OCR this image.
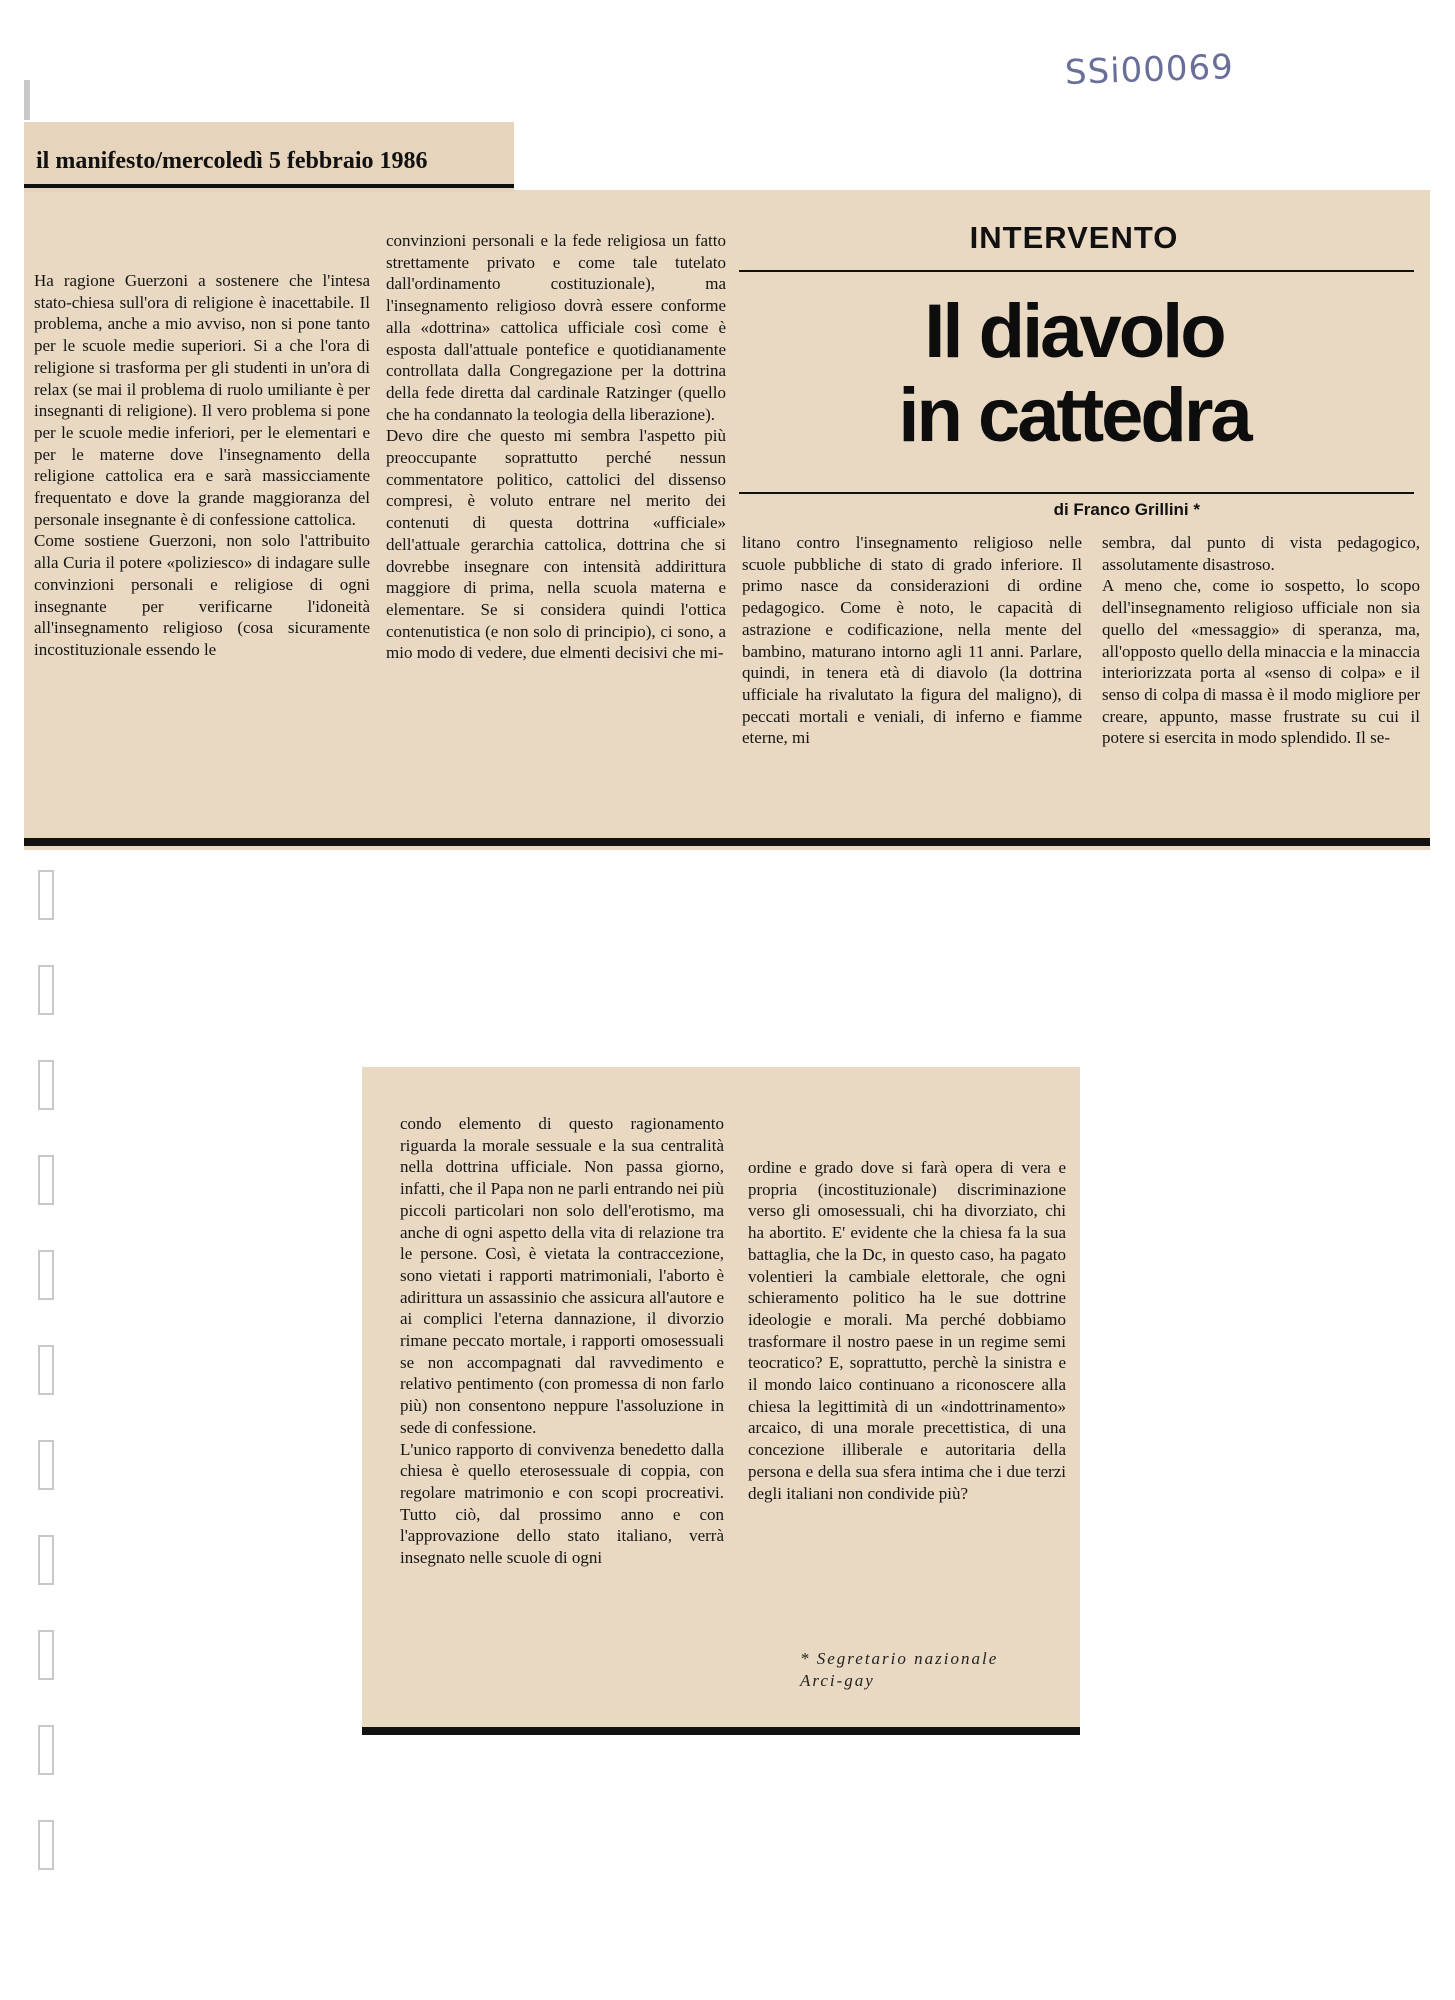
SSi00069
il manifesto/mercoledì 5 febbraio 1986
Ha ragione Guerzoni a sostenere che l'intesa stato-chiesa sull'ora di religione è inacettabile. Il problema, anche a mio avviso, non si pone tanto per le scuole medie superiori. Si a che l'ora di religione si trasforma per gli studenti in un'ora di relax (se mai il problema di ruolo umiliante è per insegnanti di religione). Il vero problema si pone per le scuole medie inferiori, per le elementari e per le materne dove l'insegnamento della religione cattolica era e sarà massicciamente frequentato e dove la grande maggioranza del personale insegnante è di confessione cattolica.
Come sostiene Guerzoni, non solo l'attribuito alla Curia il potere «poliziesco» di indagare sulle convinzioni personali e religiose di ogni insegnante per verificarne l'idoneità all'insegnamento religioso (cosa sicuramente incostituzionale essendo le
convinzioni personali e la fede religiosa un fatto strettamente privato e come tale tutelato dall'ordinamento costituzionale), ma l'insegnamento religioso dovrà essere conforme alla «dottrina» cattolica ufficiale così come è esposta dall'attuale pontefice e quotidianamente controllata dalla Congregazione per la dottrina della fede diretta dal cardinale Ratzinger (quello che ha condannato la teologia della liberazione).
Devo dire che questo mi sembra l'aspetto più preoccupante soprattutto perché nessun commentatore politico, cattolici del dissenso compresi, è voluto entrare nel merito dei contenuti di questa dottrina «ufficiale» dell'attuale gerarchia cattolica, dottrina che si dovrebbe insegnare con intensità addirittura maggiore di prima, nella scuola materna e elementare. Se si considera quindi l'ottica contenutistica (e non solo di principio), ci sono, a mio modo di vedere, due elmenti decisivi che mi-
INTERVENTO
Il diavolo
in cattedra
di Franco Grillini *
litano contro l'insegnamento religioso nelle scuole pubbliche di stato di grado inferiore. Il primo nasce da considerazioni di ordine pedagogico. Come è noto, le capacità di astrazione e codificazione, nella mente del bambino, maturano intorno agli 11 anni. Parlare, quindi, in tenera età di diavolo (la dottrina ufficiale ha rivalutato la figura del maligno), di peccati mortali e veniali, di inferno e fiamme eterne, mi
sembra, dal punto di vista pedagogico, assolutamente disastroso.
A meno che, come io sospetto, lo scopo dell'insegnamento religioso ufficiale non sia quello del «messaggio» di speranza, ma, all'opposto quello della minaccia e la minaccia interiorizzata porta al «senso di colpa» e il senso di colpa di massa è il modo migliore per creare, appunto, masse frustrate su cui il potere si esercita in modo splendido. Il se-
condo elemento di questo ragionamento riguarda la morale sessuale e la sua centralità nella dottrina ufficiale. Non passa giorno, infatti, che il Papa non ne parli entrando nei più piccoli particolari non solo dell'erotismo, ma anche di ogni aspetto della vita di relazione tra le persone. Così, è vietata la contraccezione, sono vietati i rapporti matrimoniali, l'aborto è adirittura un assassinio che assicura all'autore e ai complici l'eterna dannazione, il divorzio rimane peccato mortale, i rapporti omosessuali se non accompagnati dal ravvedimento e relativo pentimento (con promessa di non farlo più) non consentono neppure l'assoluzione in sede di confessione.
L'unico rapporto di convivenza benedetto dalla chiesa è quello eterosessuale di coppia, con regolare matrimonio e con scopi procreativi. Tutto ciò, dal prossimo anno e con l'approvazione dello stato italiano, verrà insegnato nelle scuole di ogni
ordine e grado dove si farà opera di vera e propria (incostituzionale) discriminazione verso gli omosessuali, chi ha divorziato, chi ha abortito. E' evidente che la chiesa fa la sua battaglia, che la Dc, in questo caso, ha pagato volentieri la cambiale elettorale, che ogni schieramento politico ha le sue dottrine ideologie e morali. Ma perché dobbiamo trasformare il nostro paese in un regime semi teocratico? E, soprattutto, perchè la sinistra e il mondo laico continuano a riconoscere alla chiesa la legittimità di un «indottrinamento» arcaico, di una morale precettistica, di una concezione illiberale e autoritaria della persona e della sua sfera intima che i due terzi degli italiani non condivide più?
* Segretario nazionale
Arci-gay
